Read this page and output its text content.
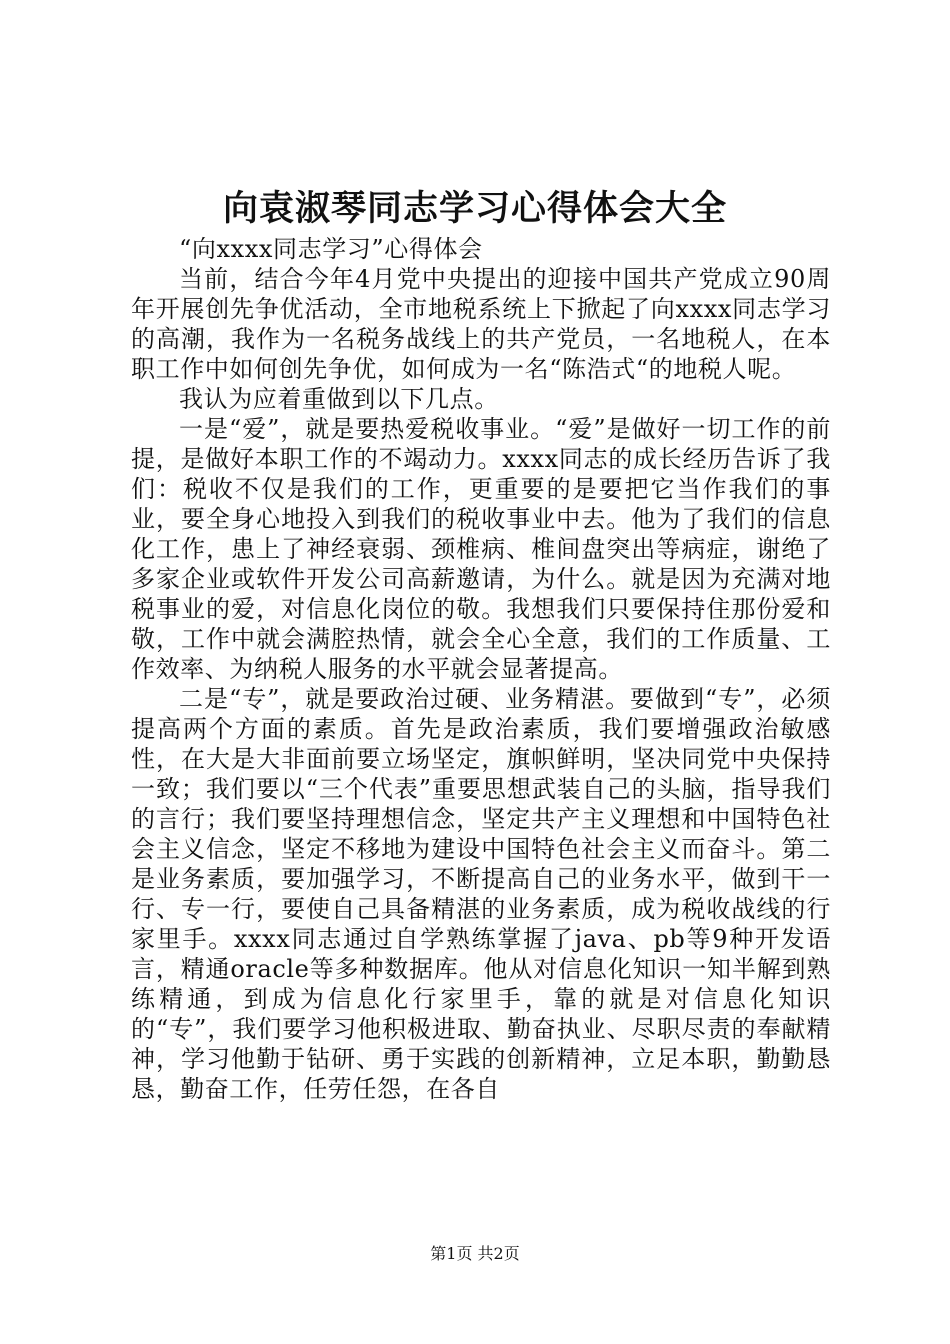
向袁淑琴同志学习心得体会大全

“向xxxx同志学习”心得体会

当前，结合今年4月党中央提出的迎接中国共产党成立90周年开展创先争优活动，全市地税系统上下掀起了向xxxx同志学习的高潮，我作为一名税务战线上的共产党员，一名地税人，在本职工作中如何创先争优，如何成为一名“陈浩式“的地税人呢。

我认为应着重做到以下几点。

一是“爱”，就是要热爱税收事业。“爱”是做好一切工作的前提，是做好本职工作的不竭动力。xxxx同志的成长经历告诉了我们：税收不仅是我们的工作，更重要的是要把它当作我们的事业，要全身心地投入到我们的税收事业中去。他为了我们的信息化工作，患上了神经衰弱、颈椎病、椎间盘突出等病症，谢绝了多家企业或软件开发公司高薪邀请，为什么。就是因为充满对地税事业的爱，对信息化岗位的敬。我想我们只要保持住那份爱和敬，工作中就会满腔热情，就会全心全意，我们的工作质量、工作效率、为纳税人服务的水平就会显著提高。

二是“专”，就是要政治过硬、业务精湛。要做到“专”，必须提高两个方面的素质。首先是政治素质，我们要增强政治敏感性，在大是大非面前要立场坚定，旗帜鲜明，坚决同党中央保持一致；我们要以“三个代表”重要思想武装自己的头脑，指导我们的言行；我们要坚持理想信念，坚定共产主义理想和中国特色社会主义信念，坚定不移地为建设中国特色社会主义而奋斗。第二是业务素质，要加强学习，不断提高自己的业务水平，做到干一行、专一行，要使自己具备精湛的业务素质，成为税收战线的行家里手。xxxx同志通过自学熟练掌握了java、pb等9种开发语言，精通oracle等多种数据库。他从对信息化知识一知半解到熟练精通，到成为信息化行家里手，靠的就是对信息化知识的“专”，我们要学习他积极进取、勤奋执业、尽职尽责的奉献精神，学习他勤于钻研、勇于实践的创新精神，立足本职，勤勤恳恳，勤奋工作，任劳任怨，在各自

第1页 共2页
